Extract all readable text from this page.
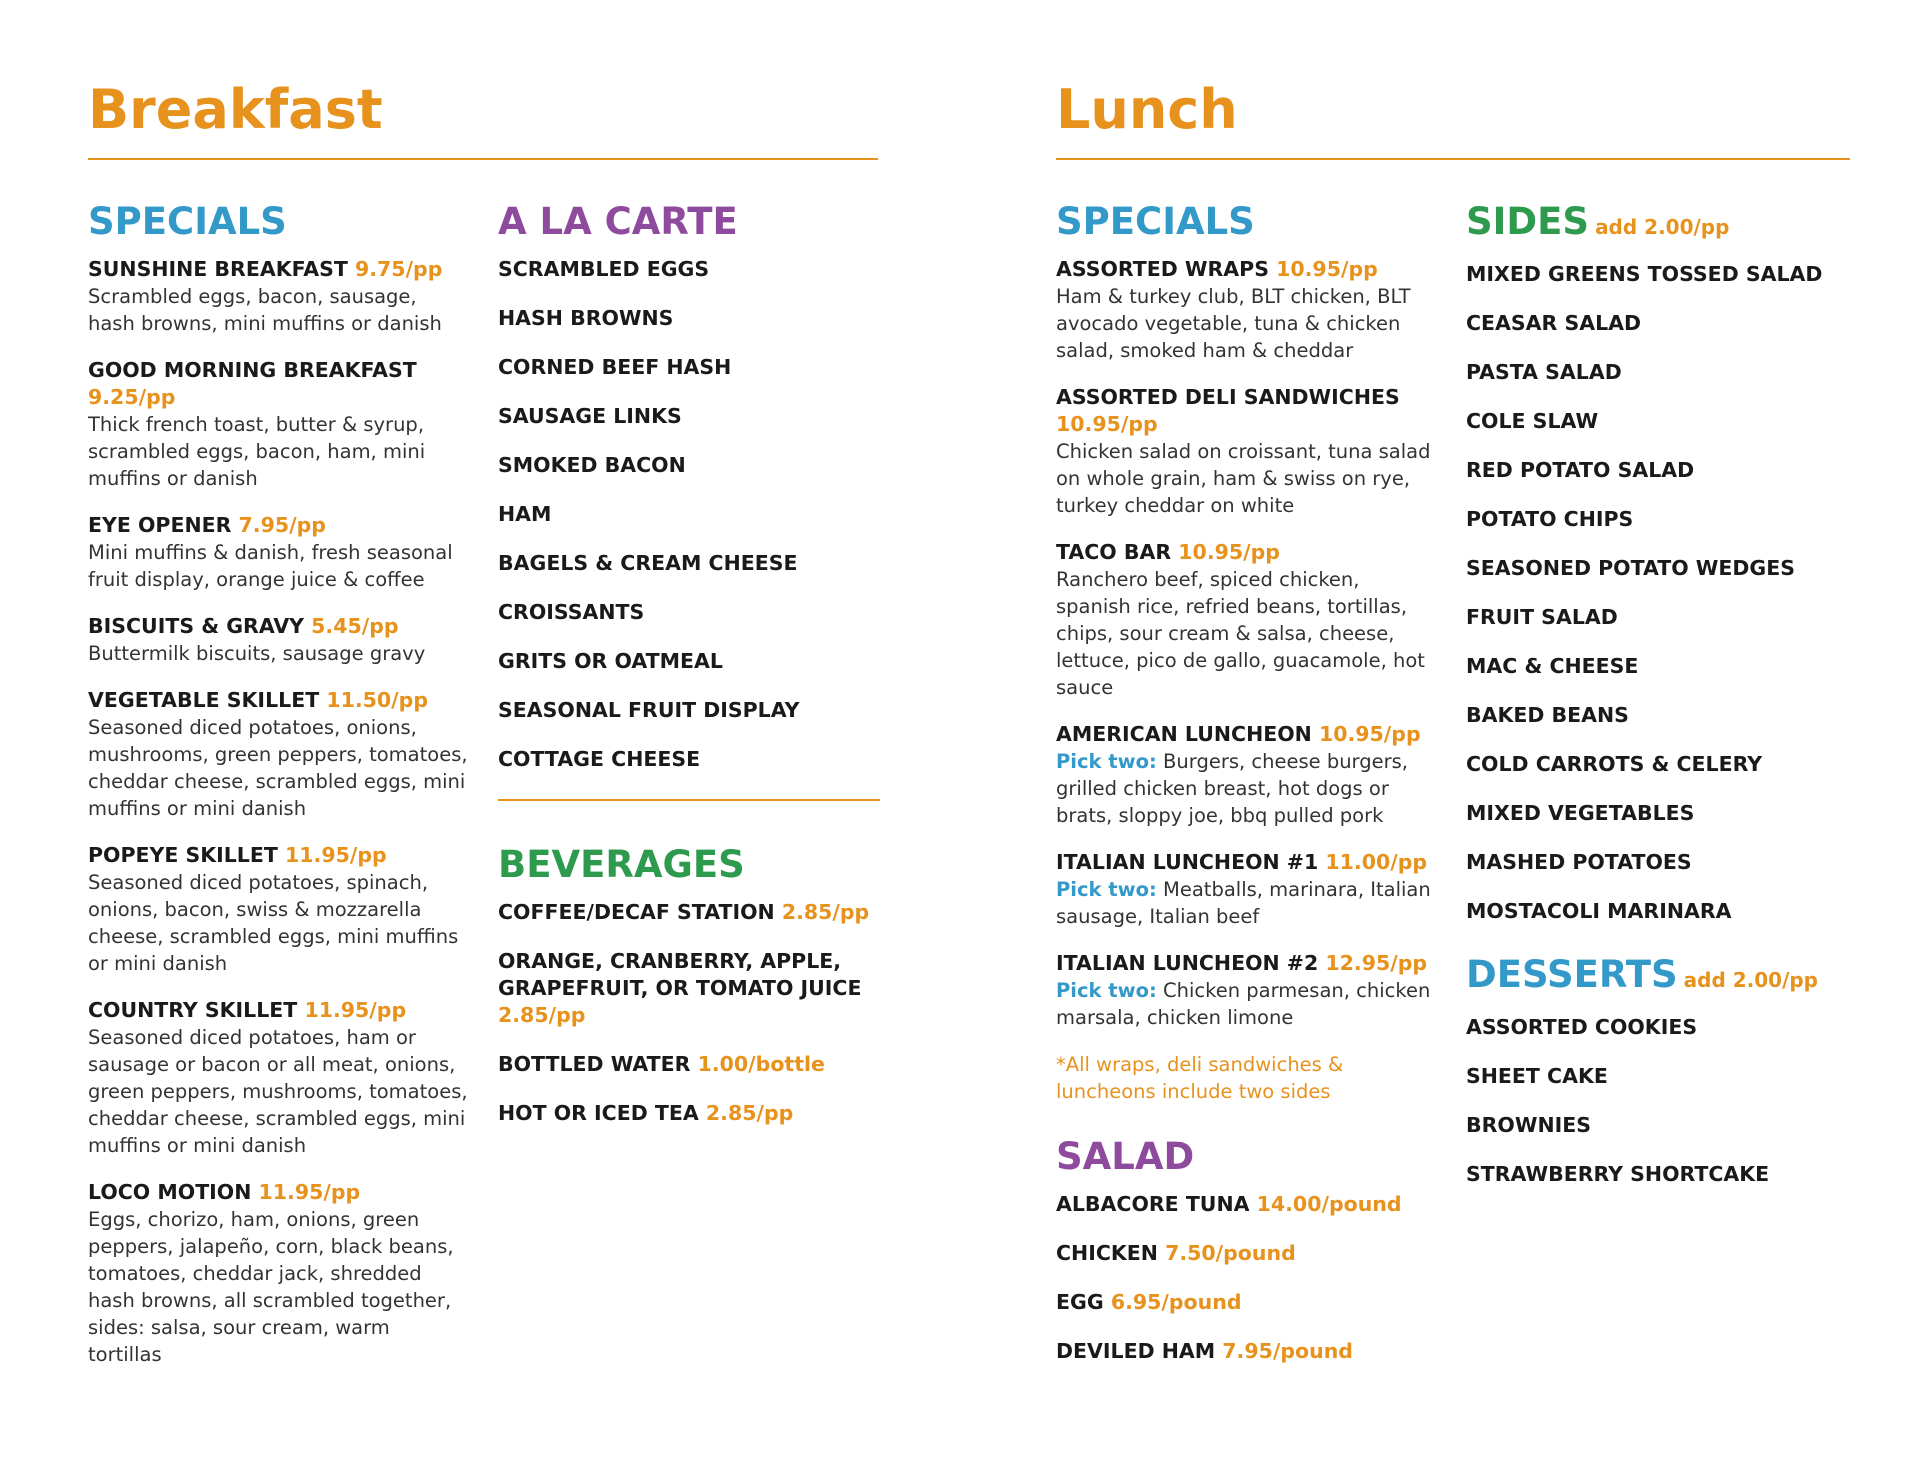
Breakfast
SPECIALS
SUNSHINE BREAKFAST 9.75/pp
Scrambled eggs, bacon, sausage, hash browns, mini muffins or danish
GOOD MORNING BREAKFAST 9.25/pp
Thick french toast, butter & syrup, scrambled eggs, bacon, ham, mini muffins or danish
EYE OPENER 7.95/pp
Mini muffins & danish, fresh seasonal fruit display, orange juice & coffee
BISCUITS & GRAVY 5.45/pp
Buttermilk biscuits, sausage gravy
VEGETABLE SKILLET 11.50/pp
Seasoned diced potatoes, onions, mushrooms, green peppers, tomatoes, cheddar cheese, scrambled eggs, mini muffins or mini danish
POPEYE SKILLET 11.95/pp
Seasoned diced potatoes, spinach, onions, bacon, swiss & mozzarella cheese, scrambled eggs, mini muffins or mini danish
COUNTRY SKILLET 11.95/pp
Seasoned diced potatoes, ham or sausage or bacon or all meat, onions, green peppers, mushrooms, tomatoes, cheddar cheese, scrambled eggs, mini muffins or mini danish
LOCO MOTION 11.95/pp
Eggs, chorizo, ham, onions, green peppers, jalapeño, corn, black beans, tomatoes, cheddar jack, shredded hash browns, all scrambled together, sides: salsa, sour cream, warm tortillas
A LA CARTE
SCRAMBLED EGGS
HASH BROWNS
CORNED BEEF HASH
SAUSAGE LINKS
SMOKED BACON
HAM
BAGELS & CREAM CHEESE
CROISSANTS
GRITS OR OATMEAL
SEASONAL FRUIT DISPLAY
COTTAGE CHEESE
BEVERAGES
COFFEE/DECAF STATION 2.85/pp
ORANGE, CRANBERRY, APPLE, GRAPEFRUIT, OR TOMATO JUICE 2.85/pp
BOTTLED WATER 1.00/bottle
HOT OR ICED TEA 2.85/pp
Lunch
SPECIALS
ASSORTED WRAPS 10.95/pp
Ham & turkey club, BLT chicken, BLT avocado vegetable, tuna & chicken salad, smoked ham & cheddar
ASSORTED DELI SANDWICHES 10.95/pp
Chicken salad on croissant, tuna salad on whole grain, ham & swiss on rye, turkey cheddar on white
TACO BAR 10.95/pp
Ranchero beef, spiced chicken, spanish rice, refried beans, tortillas, chips, sour cream & salsa, cheese, lettuce, pico de gallo, guacamole, hot sauce
AMERICAN LUNCHEON 10.95/pp
Pick two: Burgers, cheese burgers, grilled chicken breast, hot dogs or brats, sloppy joe, bbq pulled pork
ITALIAN LUNCHEON #1 11.00/pp
Pick two: Meatballs, marinara, Italian sausage, Italian beef
ITALIAN LUNCHEON #2 12.95/pp
Pick two: Chicken parmesan, chicken marsala, chicken limone
*All wraps, deli sandwiches & luncheons include two sides
SALAD
ALBACORE TUNA 14.00/pound
CHICKEN 7.50/pound
EGG 6.95/pound
DEVILED HAM 7.95/pound
SIDES add 2.00/pp
MIXED GREENS TOSSED SALAD
CEASAR SALAD
PASTA SALAD
COLE SLAW
RED POTATO SALAD
POTATO CHIPS
SEASONED POTATO WEDGES
FRUIT SALAD
MAC & CHEESE
BAKED BEANS
COLD CARROTS & CELERY
MIXED VEGETABLES
MASHED POTATOES
MOSTACOLI MARINARA
DESSERTS add 2.00/pp
ASSORTED COOKIES
SHEET CAKE
BROWNIES
STRAWBERRY SHORTCAKE
